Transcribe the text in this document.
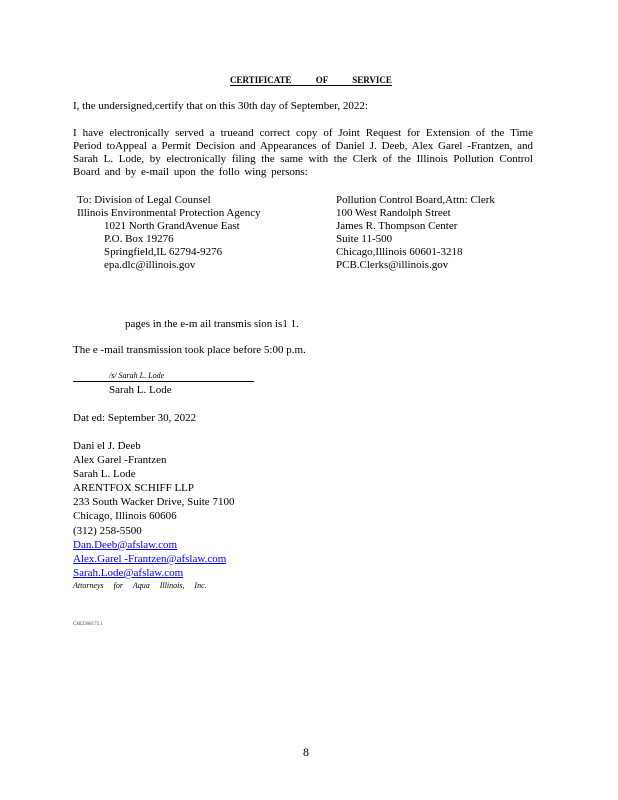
CERTIFICATE OF SERVICE
I, the undersigned,certify that on this 30th day of September, 2022:
I have electronically served a trueand correct copy of Joint Request for Extension of the Time Period toAppeal a Permit Decision and Appearances of Daniel J. Deeb, Alex Garel -Frantzen, and Sarah L. Lode, by electronically filing the same with the Clerk of the Illinois Pollution Control Board and by e-mail upon the follo wing persons:
To: Division of Legal Counsel
Illinois Environmental Protection Agency
1021 North GrandAvenue East
P.O. Box 19276
Springfield,IL 62794-9276
epa.dlc@illinois.gov
Pollution Control Board,Attn: Clerk
100 West Randolph Street
James R. Thompson Center
Suite 11-500
Chicago,Illinois 60601-3218
PCB.Clerks@illinois.gov
pages in the e-m ail transmis sion is1 1.
The e -mail transmission took place before 5:00 p.m.
/s/ Sarah L. Lode
Sarah L. Lode
Dat ed: September 30, 2022
Dani el J. Deeb
Alex Garel -Frantzen
Sarah L. Lode
ARENTFOX SCHIFF LLP
233 South Wacker Drive, Suite 7100
Chicago, Illinois 60606
(312) 258-5500
Dan.Deeb@afslaw.com
Alex.Garel -Frantzen@afslaw.com
Sarah.Lode@afslaw.com
Attorneys for Aqua Illinois, Inc.
CHI2368175.1
8
